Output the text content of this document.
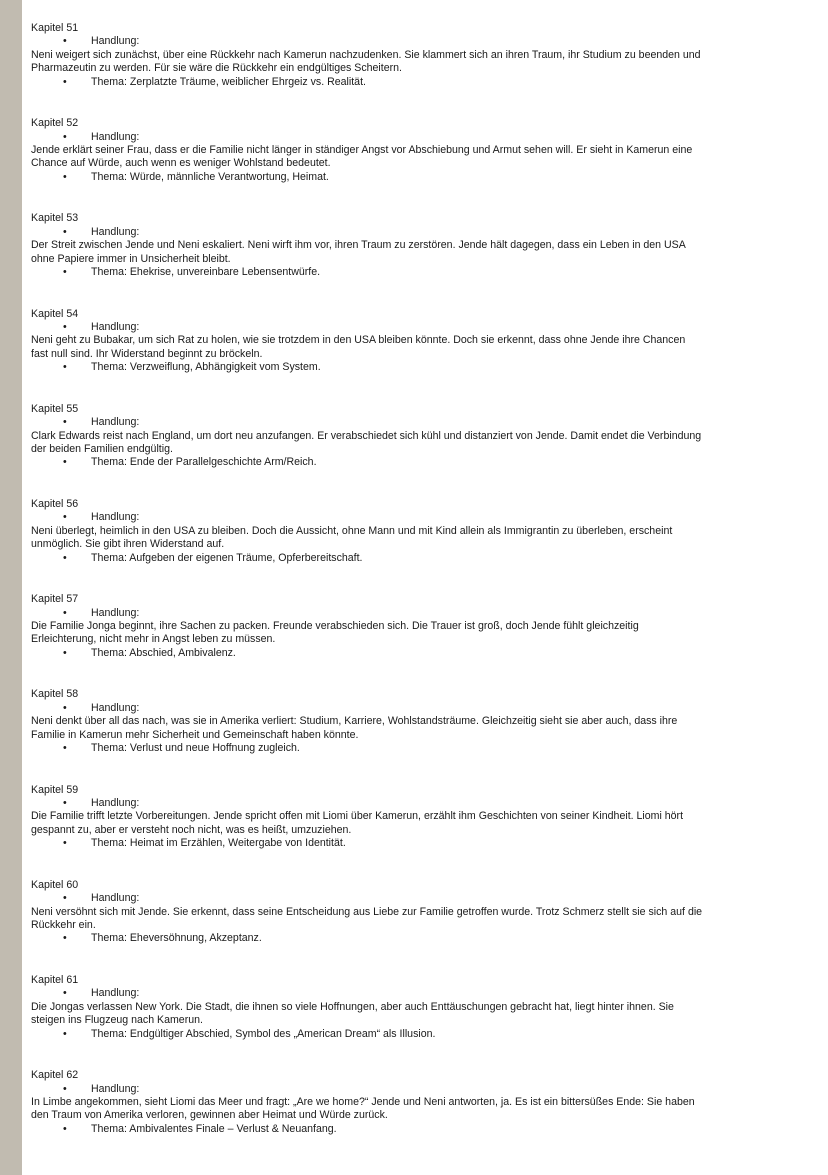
Kapitel 51
• Handlung:
Neni weigert sich zunächst, über eine Rückkehr nach Kamerun nachzudenken. Sie klammert sich an ihren Traum, ihr Studium zu beenden und
Pharmazeutin zu werden. Für sie wäre die Rückkehr ein endgültiges Scheitern.
• Thema: Zerplatzte Träume, weiblicher Ehrgeiz vs. Realität.
Kapitel 52
• Handlung:
Jende erklärt seiner Frau, dass er die Familie nicht länger in ständiger Angst vor Abschiebung und Armut sehen will. Er sieht in Kamerun eine
Chance auf Würde, auch wenn es weniger Wohlstand bedeutet.
• Thema: Würde, männliche Verantwortung, Heimat.
Kapitel 53
• Handlung:
Der Streit zwischen Jende und Neni eskaliert. Neni wirft ihm vor, ihren Traum zu zerstören. Jende hält dagegen, dass ein Leben in den USA
ohne Papiere immer in Unsicherheit bleibt.
• Thema: Ehekrise, unvereinbare Lebensentwürfe.
Kapitel 54
• Handlung:
Neni geht zu Bubakar, um sich Rat zu holen, wie sie trotzdem in den USA bleiben könnte. Doch sie erkennt, dass ohne Jende ihre Chancen
fast null sind. Ihr Widerstand beginnt zu bröckeln.
• Thema: Verzweiflung, Abhängigkeit vom System.
Kapitel 55
• Handlung:
Clark Edwards reist nach England, um dort neu anzufangen. Er verabschiedet sich kühl und distanziert von Jende. Damit endet die Verbindung
der beiden Familien endgültig.
• Thema: Ende der Parallelgeschichte Arm/Reich.
Kapitel 56
• Handlung:
Neni überlegt, heimlich in den USA zu bleiben. Doch die Aussicht, ohne Mann und mit Kind allein als Immigrantin zu überleben, erscheint
unmöglich. Sie gibt ihren Widerstand auf.
• Thema: Aufgeben der eigenen Träume, Opferbereitschaft.
Kapitel 57
• Handlung:
Die Familie Jonga beginnt, ihre Sachen zu packen. Freunde verabschieden sich. Die Trauer ist groß, doch Jende fühlt gleichzeitig
Erleichterung, nicht mehr in Angst leben zu müssen.
• Thema: Abschied, Ambivalenz.
Kapitel 58
• Handlung:
Neni denkt über all das nach, was sie in Amerika verliert: Studium, Karriere, Wohlstandsträume. Gleichzeitig sieht sie aber auch, dass ihre
Familie in Kamerun mehr Sicherheit und Gemeinschaft haben könnte.
• Thema: Verlust und neue Hoffnung zugleich.
Kapitel 59
• Handlung:
Die Familie trifft letzte Vorbereitungen. Jende spricht offen mit Liomi über Kamerun, erzählt ihm Geschichten von seiner Kindheit. Liomi hört
gespannt zu, aber er versteht noch nicht, was es heißt, umzuziehen.
• Thema: Heimat im Erzählen, Weitergabe von Identität.
Kapitel 60
• Handlung:
Neni versöhnt sich mit Jende. Sie erkennt, dass seine Entscheidung aus Liebe zur Familie getroffen wurde. Trotz Schmerz stellt sie sich auf die
Rückkehr ein.
• Thema: Eheversöhnung, Akzeptanz.
Kapitel 61
• Handlung:
Die Jongas verlassen New York. Die Stadt, die ihnen so viele Hoffnungen, aber auch Enttäuschungen gebracht hat, liegt hinter ihnen. Sie
steigen ins Flugzeug nach Kamerun.
• Thema: Endgültiger Abschied, Symbol des „American Dream“ als Illusion.
Kapitel 62
• Handlung:
In Limbe angekommen, sieht Liomi das Meer und fragt: „Are we home?“ Jende und Neni antworten, ja. Es ist ein bittersüßes Ende: Sie haben
den Traum von Amerika verloren, gewinnen aber Heimat und Würde zurück.
• Thema: Ambivalentes Finale – Verlust & Neuanfang.
